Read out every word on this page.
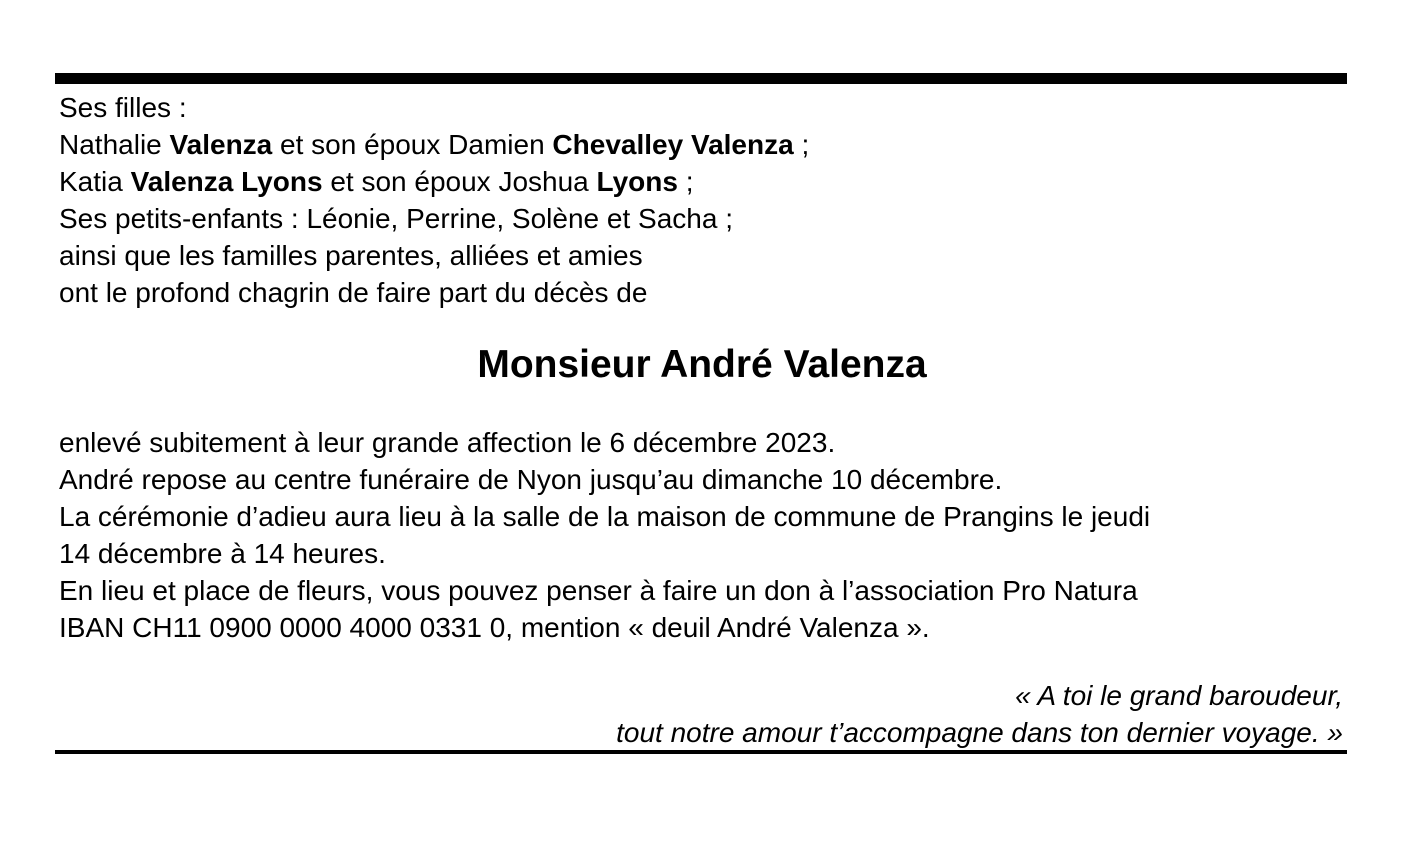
Ses filles :
Nathalie Valenza et son époux Damien Chevalley Valenza ;
Katia Valenza Lyons et son époux Joshua Lyons ;
Ses petits-enfants : Léonie, Perrine, Solène et Sacha ;
ainsi que les familles parentes, alliées et amies
ont le profond chagrin de faire part du décès de
Monsieur André Valenza
enlevé subitement à leur grande affection le 6 décembre 2023.
André repose au centre funéraire de Nyon jusqu’au dimanche 10 décembre.
La cérémonie d’adieu aura lieu à la salle de la maison de commune de Prangins le jeudi
14 décembre à 14 heures.
En lieu et place de fleurs, vous pouvez penser à faire un don à l’association Pro Natura
IBAN CH11 0900 0000 4000 0331 0, mention « deuil André Valenza ».
« A toi le grand baroudeur,
tout notre amour t’accompagne dans ton dernier voyage. »
